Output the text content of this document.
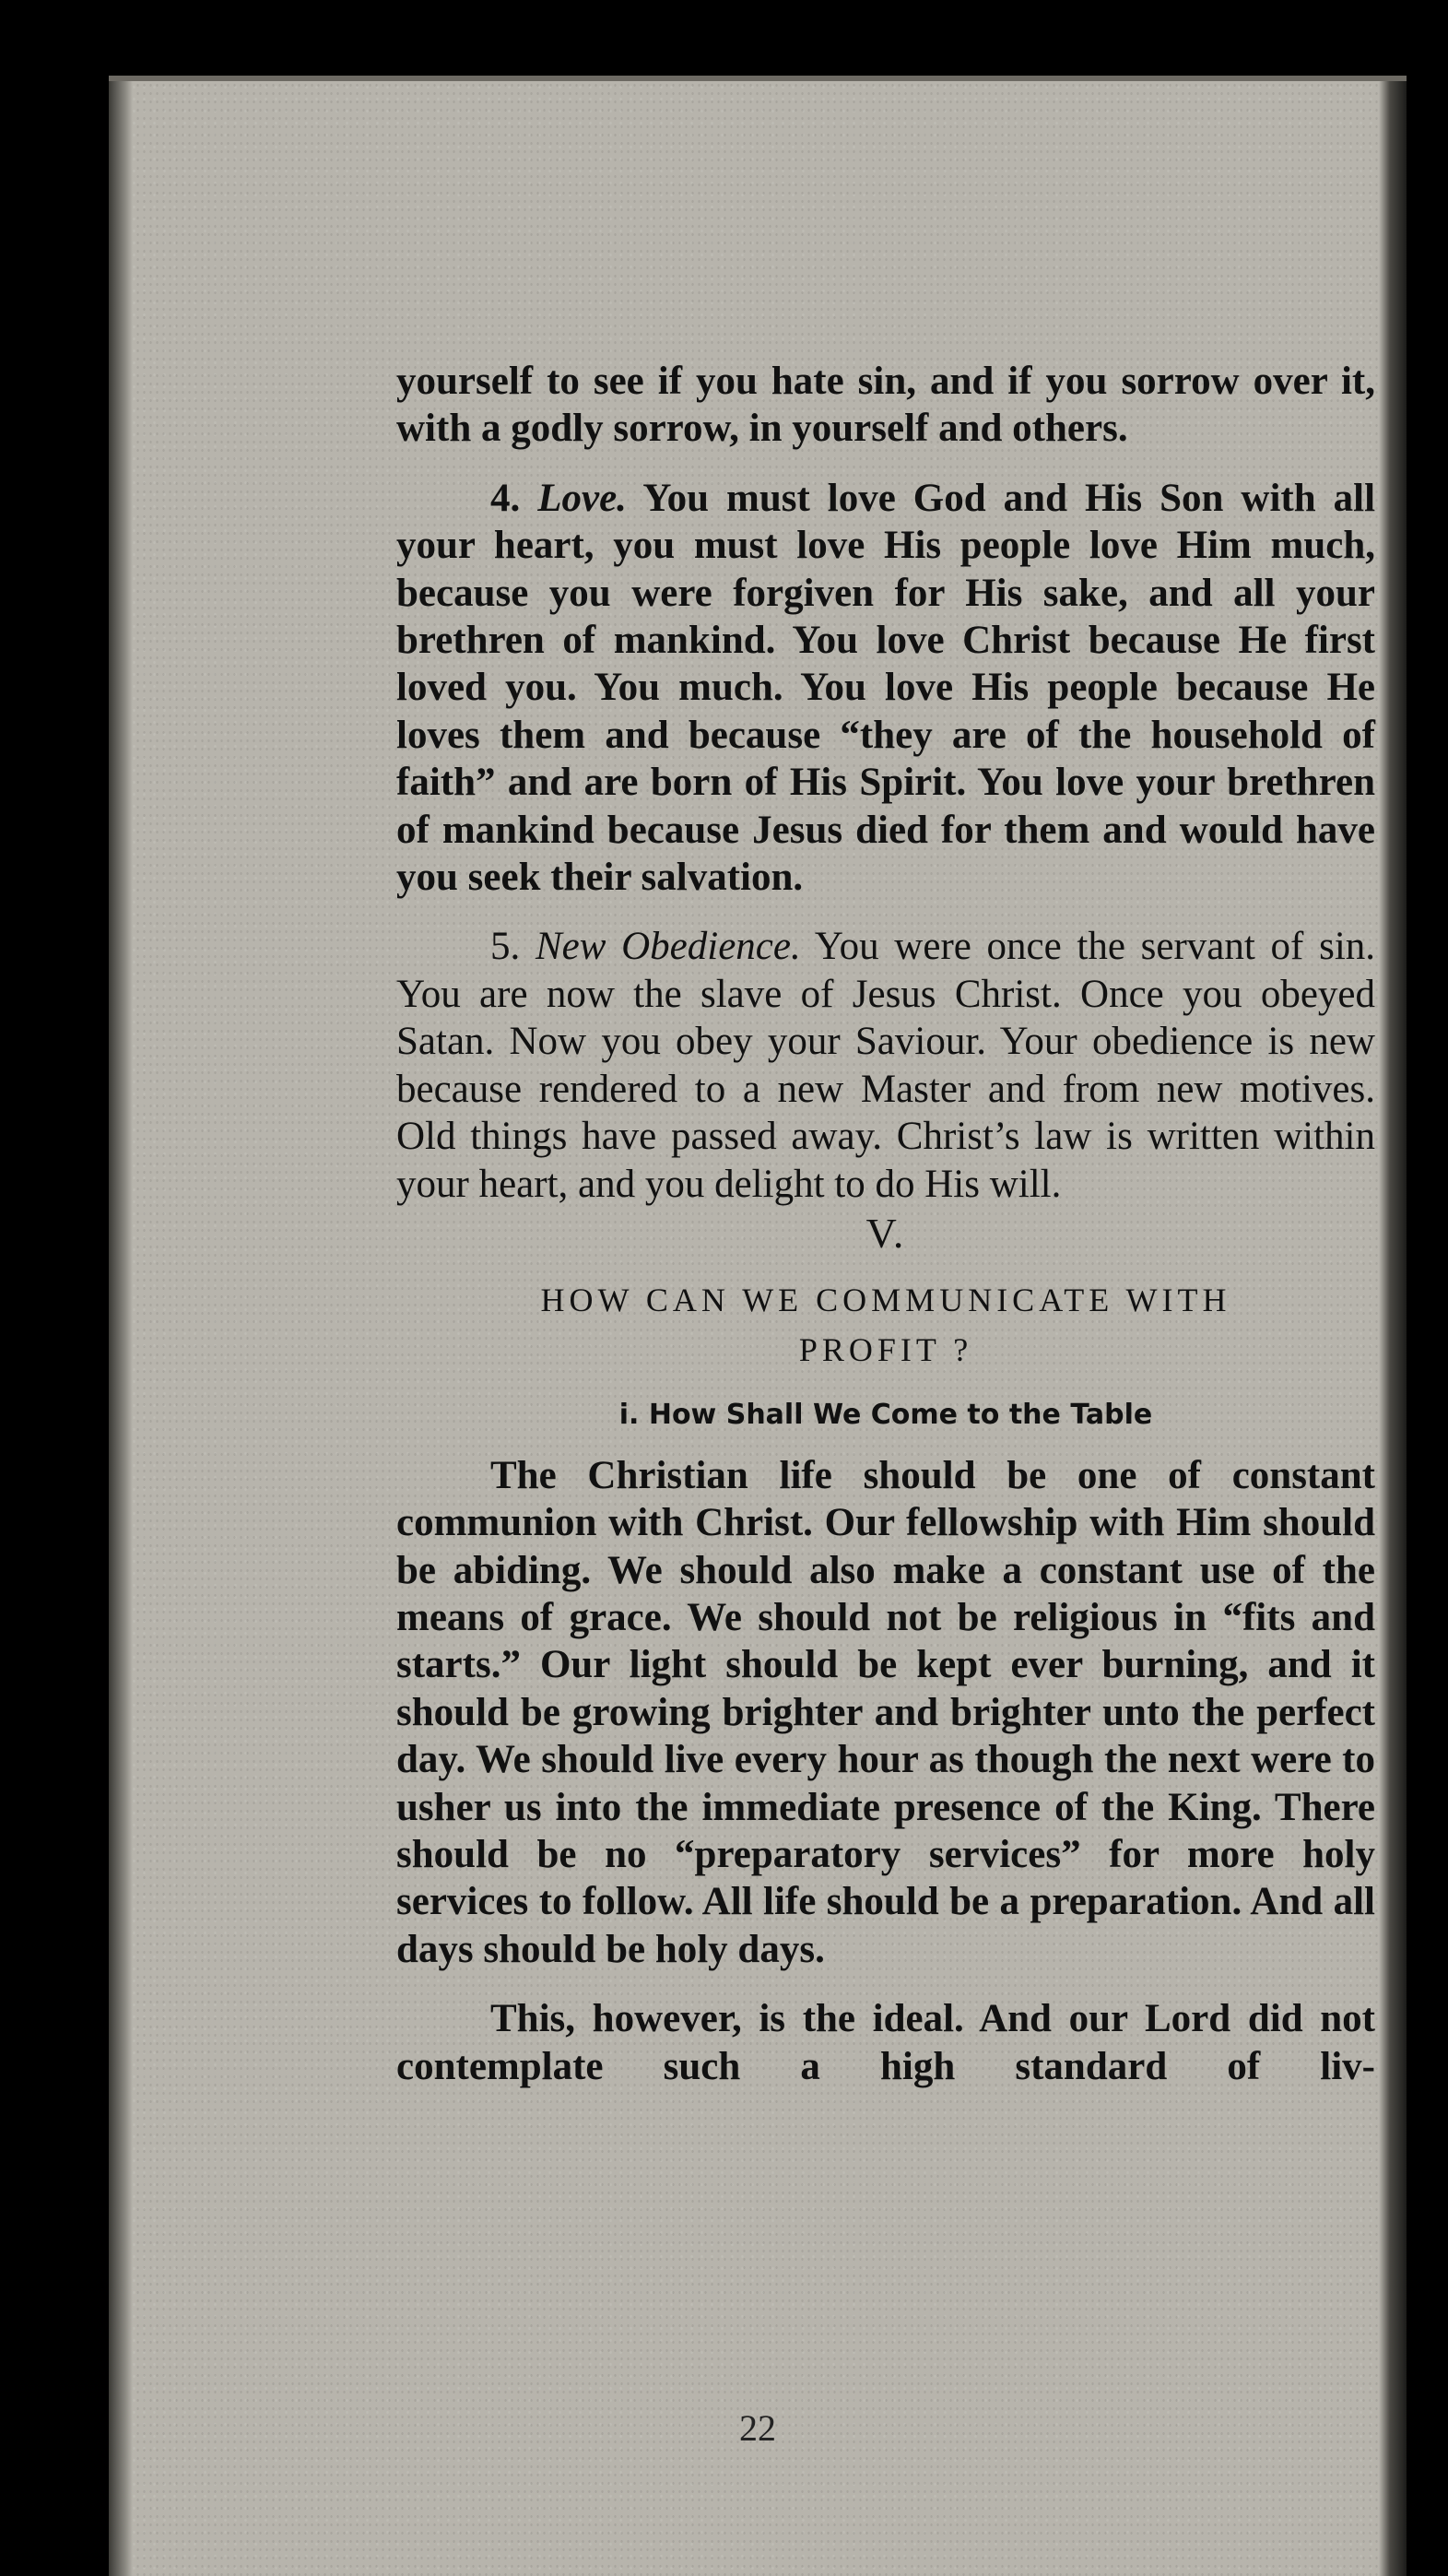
yourself to see if you hate sin, and if you sorrow over it, with a godly sorrow, in yourself and others.

4. Love. You must love God and His Son with all your heart, you must love His people love Him much, because you were forgiven for His sake, and all your brethren of mankind. You love Christ because He first loved you. You much. You love His people because He loves them and because “they are of the household of faith” and are born of His Spirit. You love your brethren of mankind because Jesus died for them and would have you seek their salvation.

5. New Obedience. You were once the servant of sin. You are now the slave of Jesus Christ. Once you obeyed Satan. Now you obey your Saviour. Your obedience is new because rendered to a new Master and from new motives. Old things have passed away. Christ’s law is written within your heart, and you delight to do His will.

V.

HOW CAN WE COMMUNICATE WITH
PROFIT ?

i. How Shall We Come to the Table

The Christian life should be one of constant communion with Christ. Our fellowship with Him should be abiding. We should also make a constant use of the means of grace. We should not be religious in “fits and starts.” Our light should be kept ever burning, and it should be growing brighter and brighter unto the perfect day. We should live every hour as though the next were to usher us into the immediate presence of the King. There should be no “preparatory services” for more holy services to follow. All life should be a preparation. And all days should be holy days.

This, however, is the ideal. And our Lord did not contemplate such a high standard of liv-

22
